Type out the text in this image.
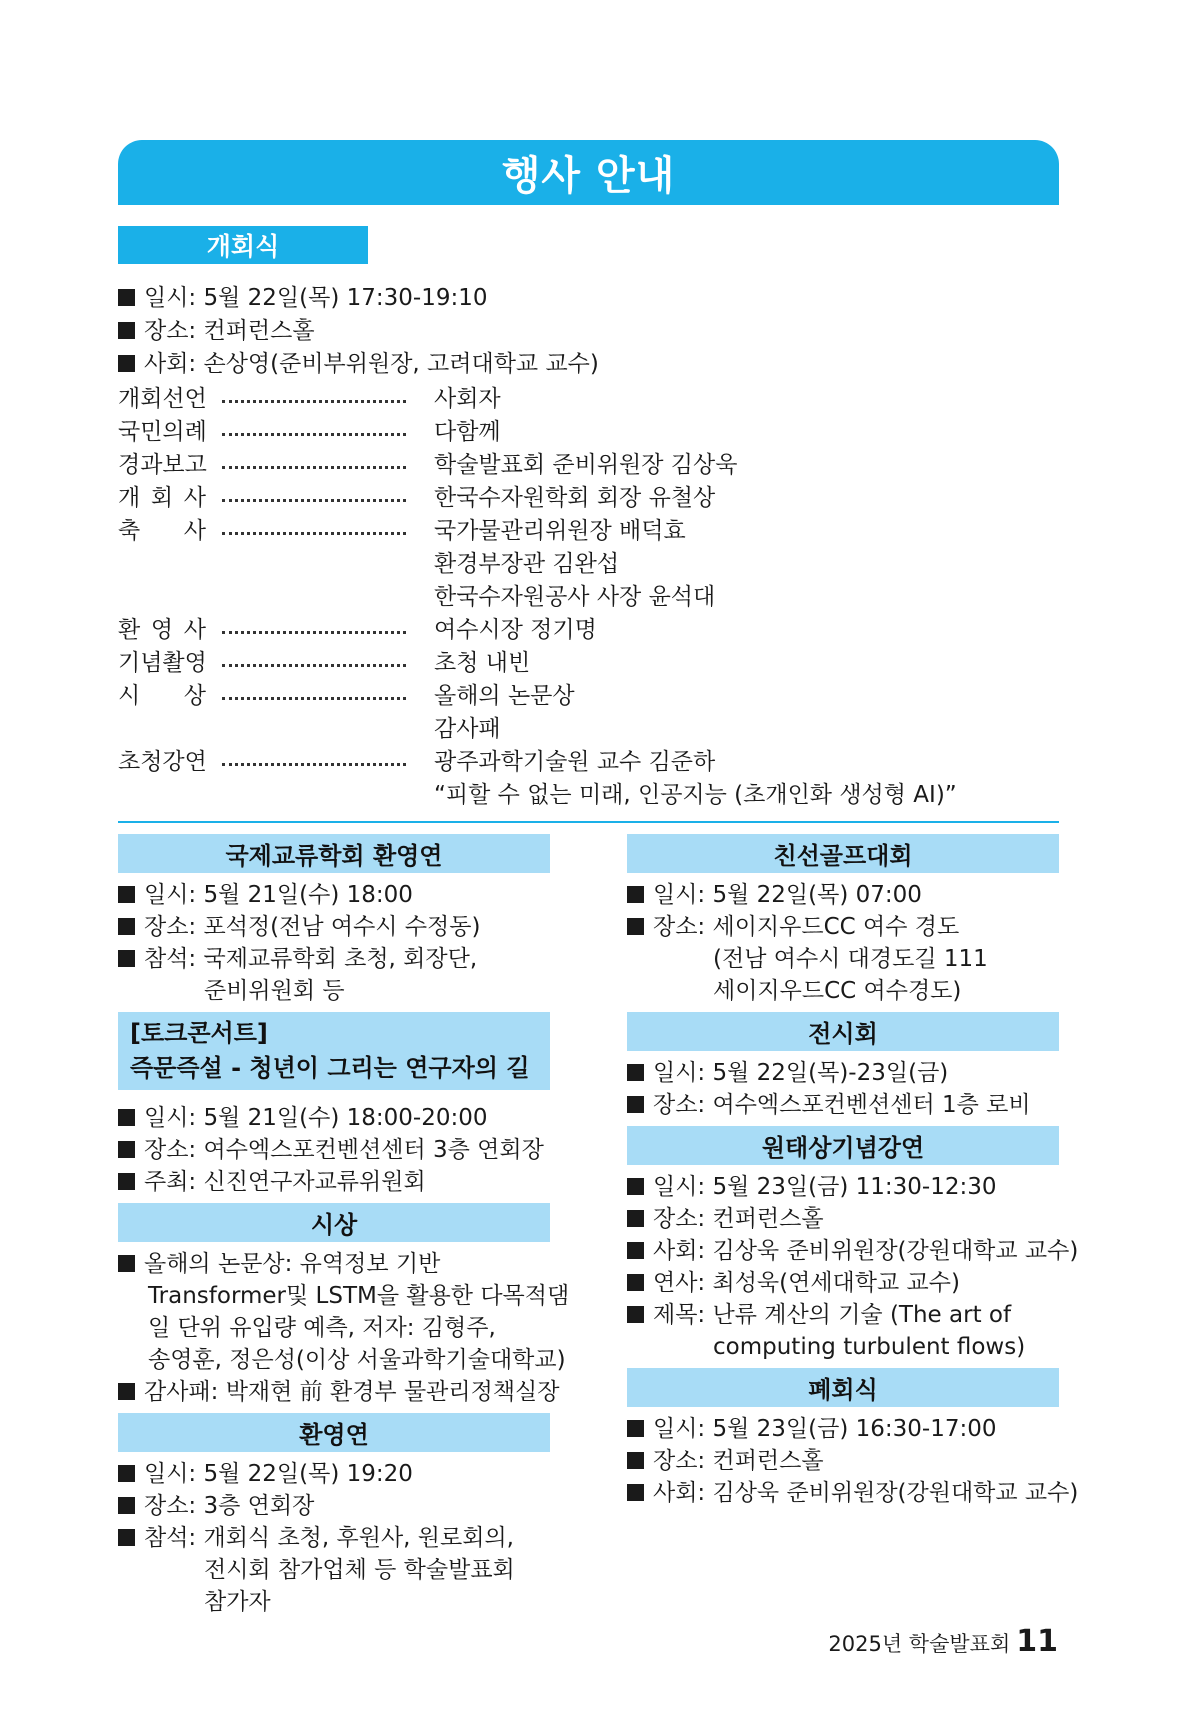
행사 안내
개회식
일시: 5월 22일(목) 17:30-19:10
장소: 컨퍼런스홀
사회: 손상영(준비부위원장, 고려대학교 교수)
개회선언	사회자
국민의례	다함께
경과보고	학술발표회 준비위원장 김상욱
개 회 사	한국수자원학회 회장 유철상
축 사	국가물관리위원장 배덕효
환경부장관 김완섭
한국수자원공사 사장 윤석대
환 영 사	여수시장 정기명
기념촬영	초청 내빈
시 상	올해의 논문상
감사패
초청강연	광주과학기술원 교수 김준하
“피할 수 없는 미래, 인공지능 (초개인화 생성형 AI)”
국제교류학회 환영연
일시: 5월 21일(수) 18:00
장소: 포석정(전남 여수시 수정동)
참석: 국제교류학회 초청, 회장단,
준비위원회 등
[토크콘서트]
즉문즉설 - 청년이 그리는 연구자의 길
일시: 5월 21일(수) 18:00-20:00
장소: 여수엑스포컨벤션센터 3층 연회장
주최: 신진연구자교류위원회
시상
올해의 논문상: 유역정보 기반
Transformer및 LSTM을 활용한 다목적댐
일 단위 유입량 예측, 저자: 김형주,
송영훈, 정은성(이상 서울과학기술대학교)
감사패: 박재현 前 환경부 물관리정책실장
환영연
일시: 5월 22일(목) 19:20
장소: 3층 연회장
참석: 개회식 초청, 후원사, 원로회의,
전시회 참가업체 등 학술발표회
참가자
친선골프대회
일시: 5월 22일(목) 07:00
장소: 세이지우드CC 여수 경도
(전남 여수시 대경도길 111
세이지우드CC 여수경도)
전시회
일시: 5월 22일(목)-23일(금)
장소: 여수엑스포컨벤션센터 1층 로비
원태상기념강연
일시: 5월 23일(금) 11:30-12:30
장소: 컨퍼런스홀
사회: 김상욱 준비위원장(강원대학교 교수)
연사: 최성욱(연세대학교 교수)
제목: 난류 계산의 기술 (The art of
computing turbulent flows)
폐회식
일시: 5월 23일(금) 16:30-17:00
장소: 컨퍼런스홀
사회: 김상욱 준비위원장(강원대학교 교수)
2025년 학술발표회 11
